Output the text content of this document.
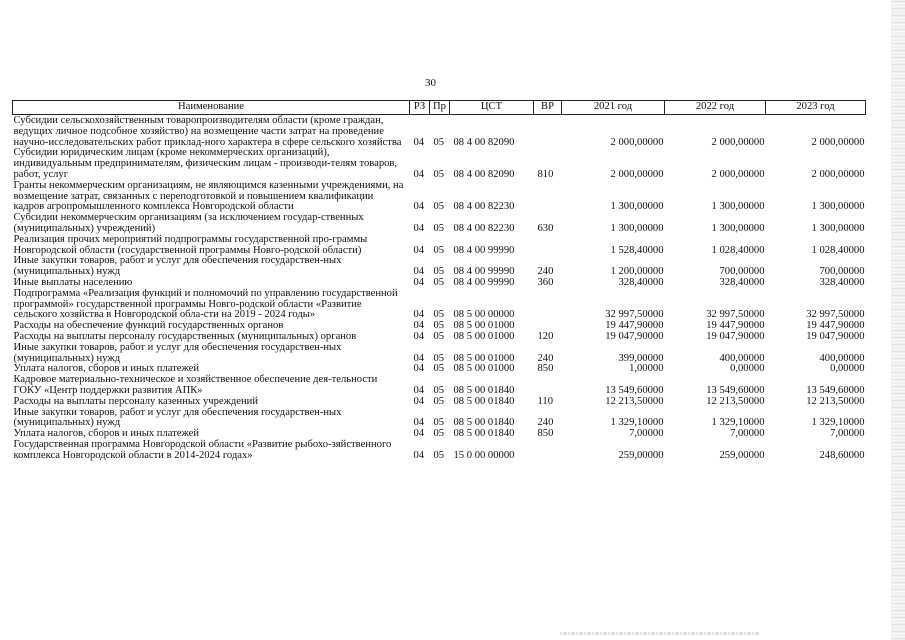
30
Наименование	РЗ	Пр	ЦСТ	ВР	2021 год	2022 год	2023 год
Субсидии сельскохозяйственным товаропроизводителям области (кроме граждан, ведущих личное подсобное хозяйство) на возмещение части затрат на проведение научно-исследовательских работ приклад-ного характера в сфере сельского хозяйства	04	05	08 4 00 82090		2 000,00000	2 000,00000	2 000,00000
Субсидии юридическим лицам (кроме некоммерческих организаций), индивидуальным предпринимателям, физическим лицам - производи-телям товаров, работ, услуг	04	05	08 4 00 82090	810	2 000,00000	2 000,00000	2 000,00000
Гранты некоммерческим организациям, не являющимся казенными учреждениями, на возмещение затрат, связанных с переподготовкой и повышением квалификации кадров агропромышленного комплекса Новгородской области	04	05	08 4 00 82230		1 300,00000	1 300,00000	1 300,00000
Субсидии некоммерческим организациям (за исключением государ-ственных (муниципальных) учреждений)	04	05	08 4 00 82230	630	1 300,00000	1 300,00000	1 300,00000
Реализация прочих мероприятий подпрограммы государственной про-граммы Новгородской области (государственной программы Новго-родской области)	04	05	08 4 00 99990		1 528,40000	1 028,40000	1 028,40000
Иные закупки товаров, работ и услуг для обеспечения государствен-ных (муниципальных) нужд	04	05	08 4 00 99990	240	1 200,00000	700,00000	700,00000
Иные выплаты населению	04	05	08 4 00 99990	360	328,40000	328,40000	328,40000
Подпрограмма «Реализация функций и полномочий по управлению государственной программой» государственной программы Новго-родской области «Развитие сельского хозяйства в Новгородской обла-сти на 2019 - 2024 годы»	04	05	08 5 00 00000		32 997,50000	32 997,50000	32 997,50000
Расходы на обеспечение функций государственных органов	04	05	08 5 00 01000		19 447,90000	19 447,90000	19 447,90000
Расходы на выплаты персоналу государственных (муниципальных) органов	04	05	08 5 00 01000	120	19 047,90000	19 047,90000	19 047,90000
Иные закупки товаров, работ и услуг для обеспечения государствен-ных (муниципальных) нужд	04	05	08 5 00 01000	240	399,00000	400,00000	400,00000
Уплата налогов, сборов и иных платежей	04	05	08 5 00 01000	850	1,00000	0,00000	0,00000
Кадровое материально-техническое и хозяйственное обеспечение дея-тельности ГОКУ «Центр поддержки развития АПК»	04	05	08 5 00 01840		13 549,60000	13 549,60000	13 549,60000
Расходы на выплаты персоналу казенных учреждений	04	05	08 5 00 01840	110	12 213,50000	12 213,50000	12 213,50000
Иные закупки товаров, работ и услуг для обеспечения государствен-ных (муниципальных) нужд	04	05	08 5 00 01840	240	1 329,10000	1 329,10000	1 329,10000
Уплата налогов, сборов и иных платежей	04	05	08 5 00 01840	850	7,00000	7,00000	7,00000
Государственная программа Новгородской области «Развитие рыбохо-зяйственного комплекса Новгородской области в 2014-2024 годах»	04	05	15 0 00 00000		259,00000	259,00000	248,60000
